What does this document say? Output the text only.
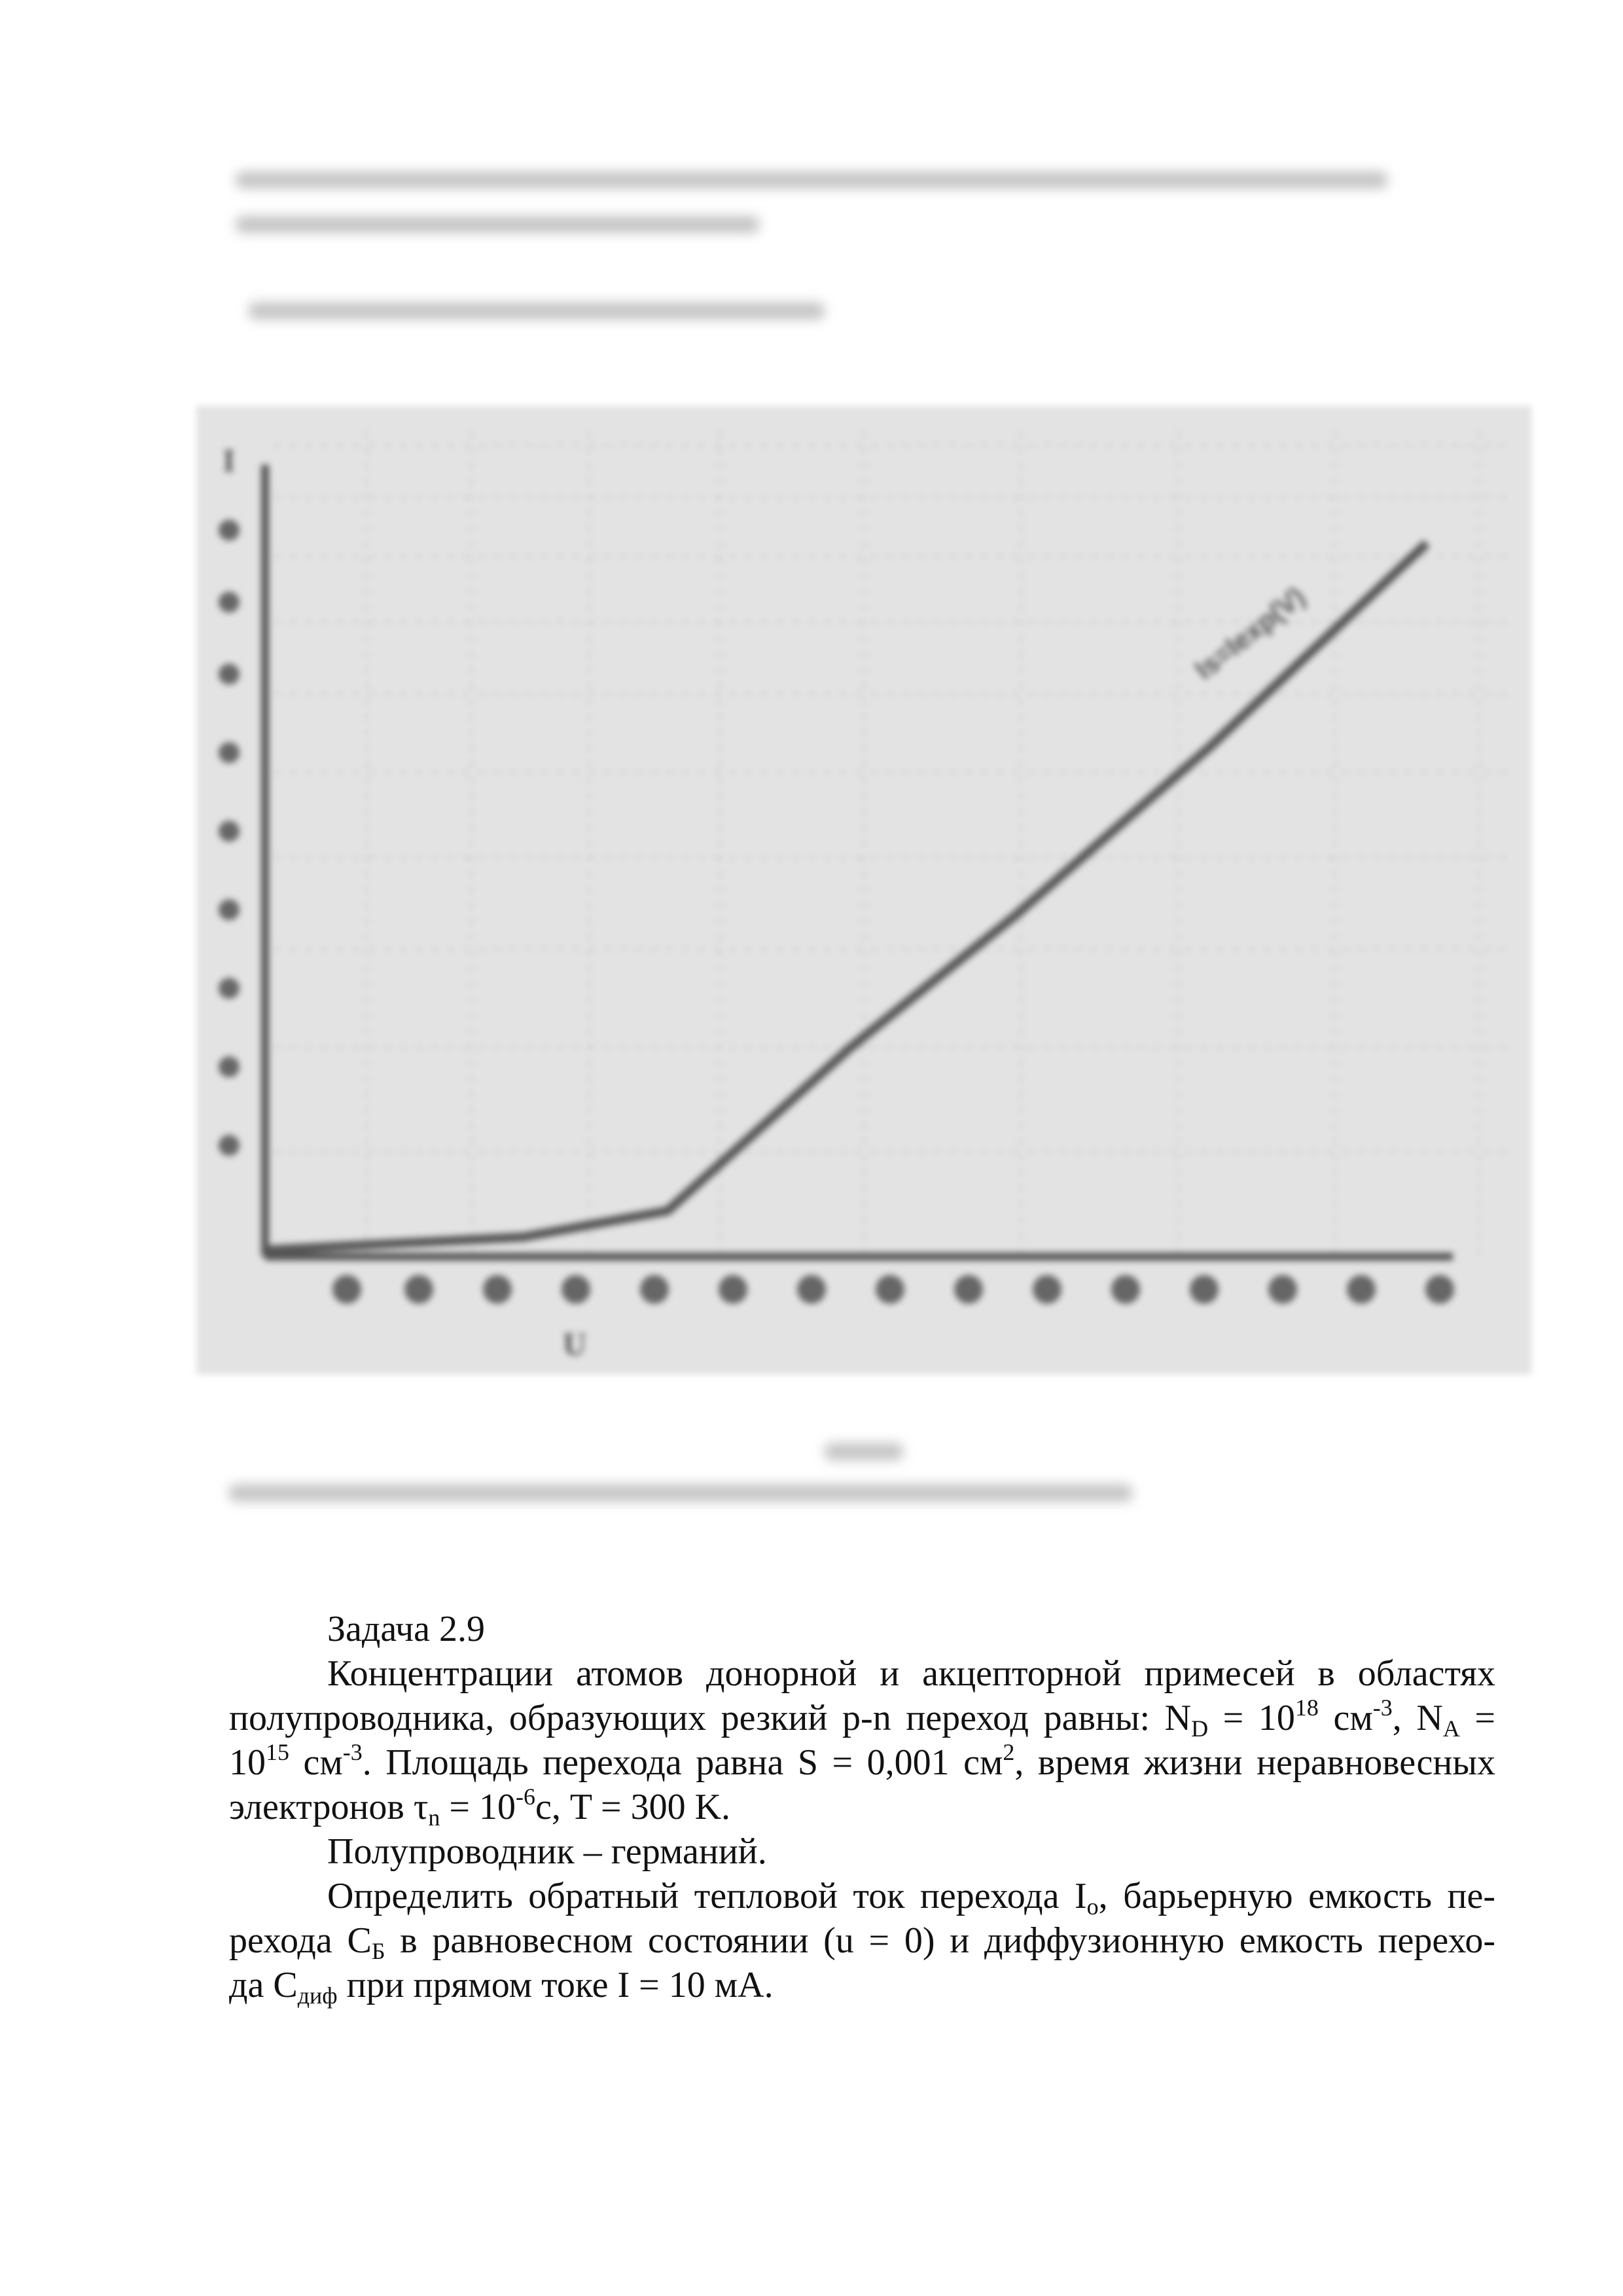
Is=Iexp(V)
I
U
Задача 2.9
Концентрации атомов донорной и акцепторной примесей в областях
полупроводника, образующих резкий p-n переход равны: $N_D = 10^{18}$ $см^{-3}$, $N_A$ =
$10^{15}$ $см^{-3}$. Площадь перехода равна S = 0,001 $см^2$, время жизни неравновесных
электронов $\tau_n = 10^{-6}с$, T = 300 K.
Полупроводник – германий.
Определить обратный тепловой ток перехода $I_o$, барьерную емкость пе-
рехода $C_Б$ в равновесном состоянии (u = 0) и диффузионную емкость перехо-
да $C_{диф}$ при прямом токе I = 10 мА.
